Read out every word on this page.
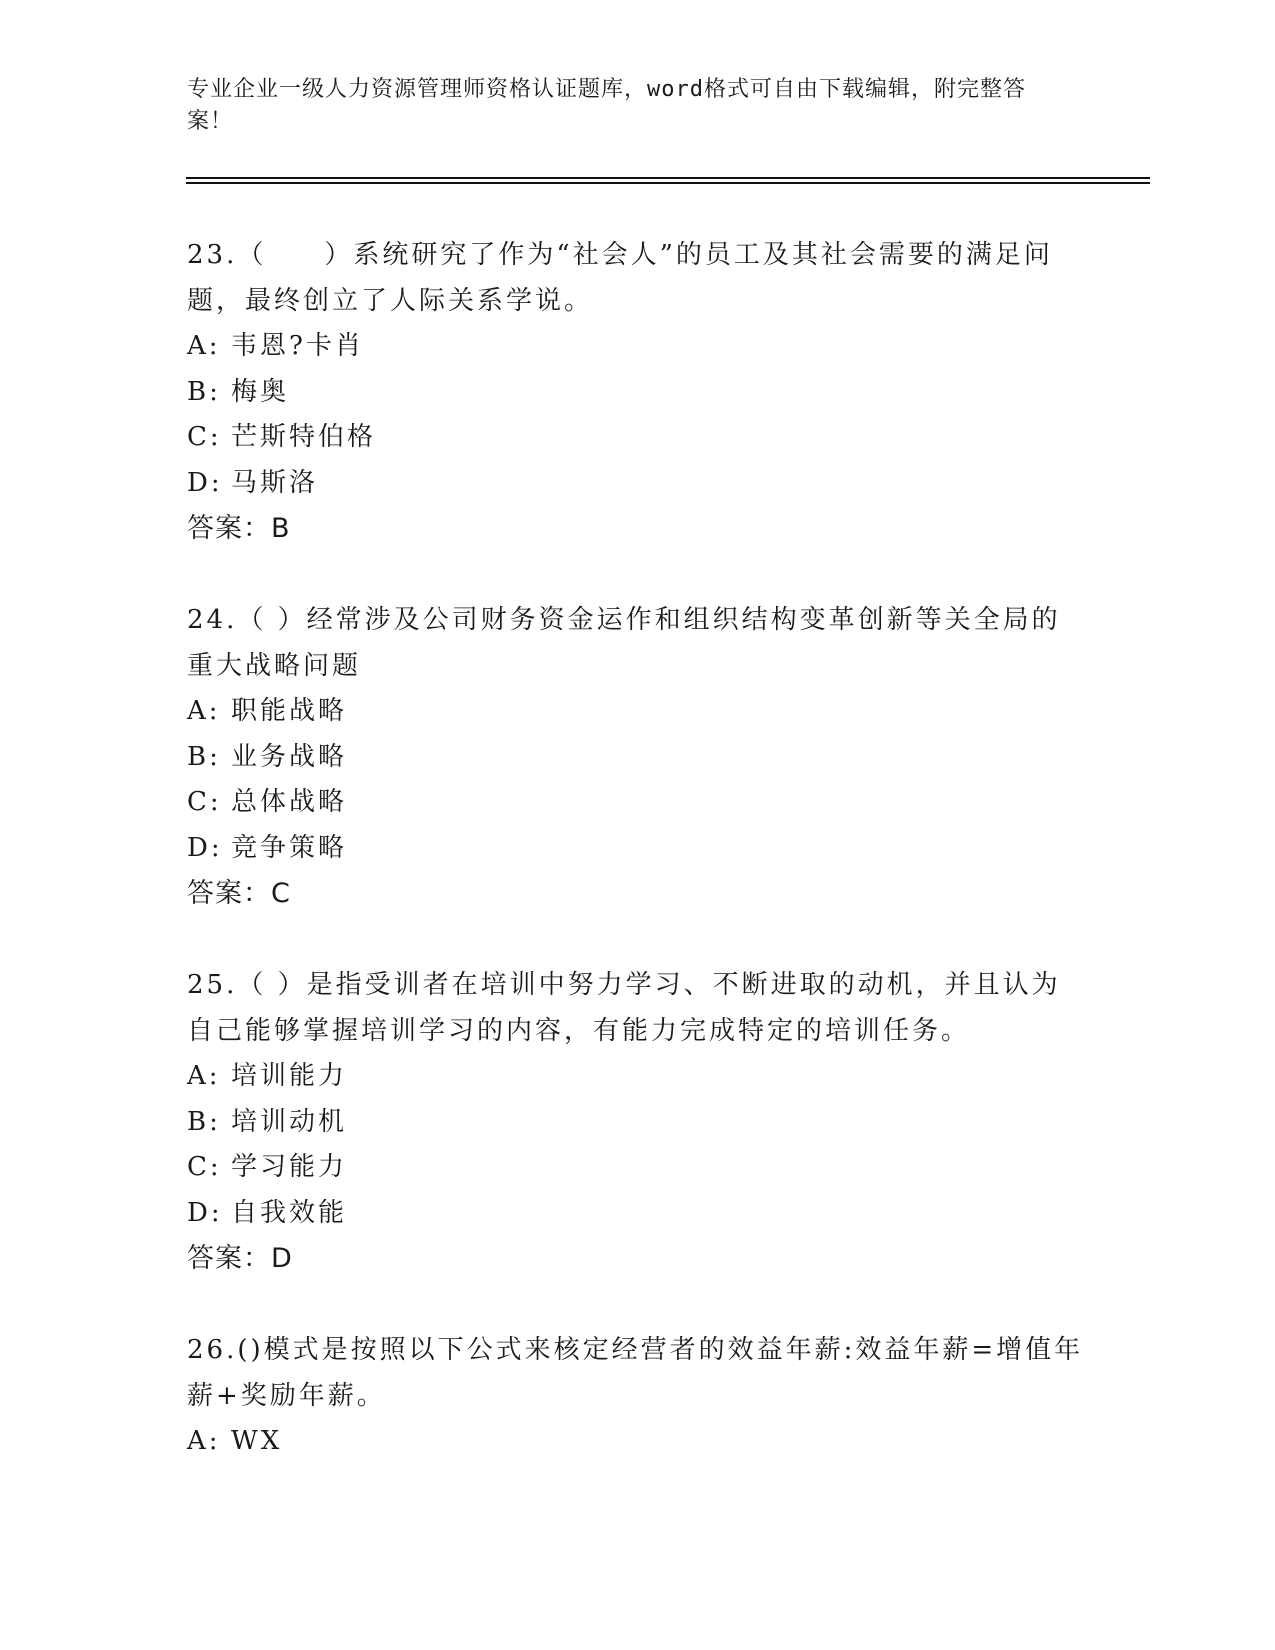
专业企业一级人力资源管理师资格认证题库，word格式可自由下载编辑，附完整答案！

23.（　　）系统研究了作为“社会人”的员工及其社会需要的满足问题，最终创立了人际关系学说。

A: 韦恩?卡肖

B: 梅奥

C: 芒斯特伯格

D: 马斯洛

答案：B

24.（ ）经常涉及公司财务资金运作和组织结构变革创新等关全局的重大战略问题

A: 职能战略

B: 业务战略

C: 总体战略

D: 竞争策略

答案：C

25.（ ）是指受训者在培训中努力学习、不断进取的动机，并且认为自己能够掌握培训学习的内容，有能力完成特定的培训任务。

A: 培训能力

B: 培训动机

C: 学习能力

D: 自我效能

答案：D

26.()模式是按照以下公式来核定经营者的效益年薪:效益年薪=增值年薪+奖励年薪。

A: WX
